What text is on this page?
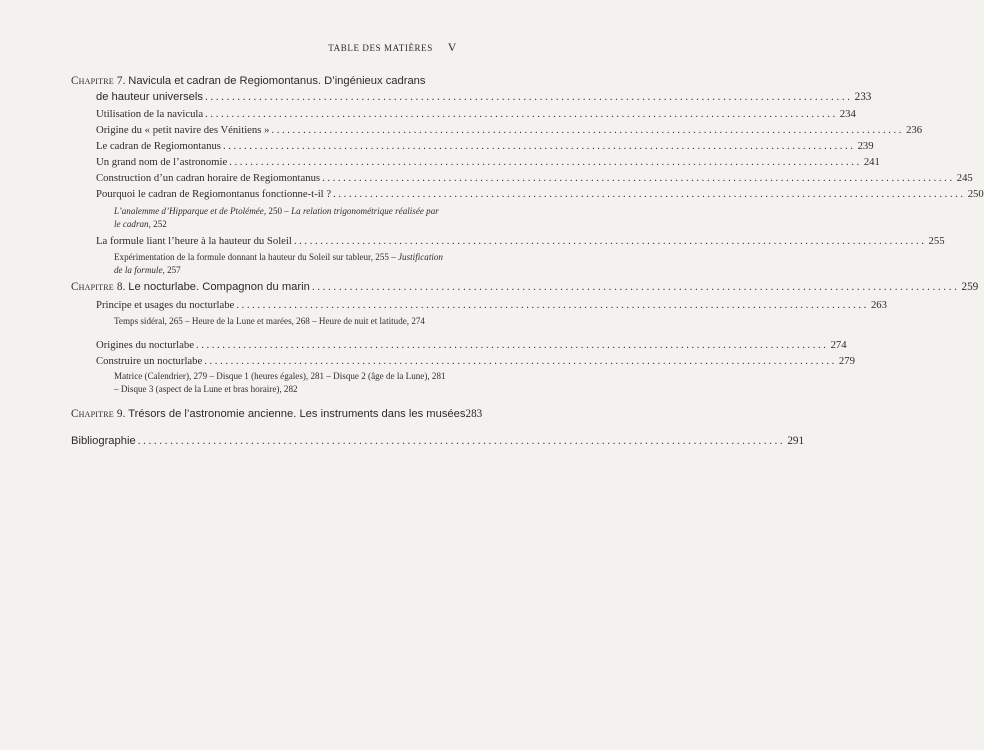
TABLE DES MATIÈRES V
Chapitre 7. Navicula et cadran de Regiomontanus. D’ingénieux cadrans
de hauteur universels ........................................................................................................................ 233
Utilisation de la navicula ........................................................................................................................ 234
Origine du « petit navire des Vénitiens » ........................................................................................................................ 236
Le cadran de Regiomontanus ........................................................................................................................ 239
Un grand nom de l’astronomie ........................................................................................................................ 241
Construction d’un cadran horaire de Regiomontanus ........................................................................................................................ 245
Pourquoi le cadran de Regiomontanus fonctionne-t-il ? ........................................................................................................................ 250
L’analemme d’Hipparque et de Ptolémée, 250 – La relation trigonométrique réalisée par le cadran, 252
La formule liant l’heure à la hauteur du Soleil ........................................................................................................................ 255
Expérimentation de la formule donnant la hauteur du Soleil sur tableur, 255 – Justification de la formule, 257
Chapitre 8. Le nocturlabe. Compagnon du marin ........................................................................................................................ 259
Principe et usages du nocturlabe ........................................................................................................................ 263
Temps sidéral, 265 – Heure de la Lune et marées, 268 – Heure de nuit et latitude, 274
Origines du nocturlabe ........................................................................................................................ 274
Construire un nocturlabe ........................................................................................................................ 279
Matrice (Calendrier), 279 – Disque 1 (heures égales), 281 – Disque 2 (âge de la Lune), 281 – Disque 3 (aspect de la Lune et bras horaire), 282
Chapitre 9. Trésors de l’astronomie ancienne. Les instruments dans les musées 283
Bibliographie ........................................................................................................................ 291
